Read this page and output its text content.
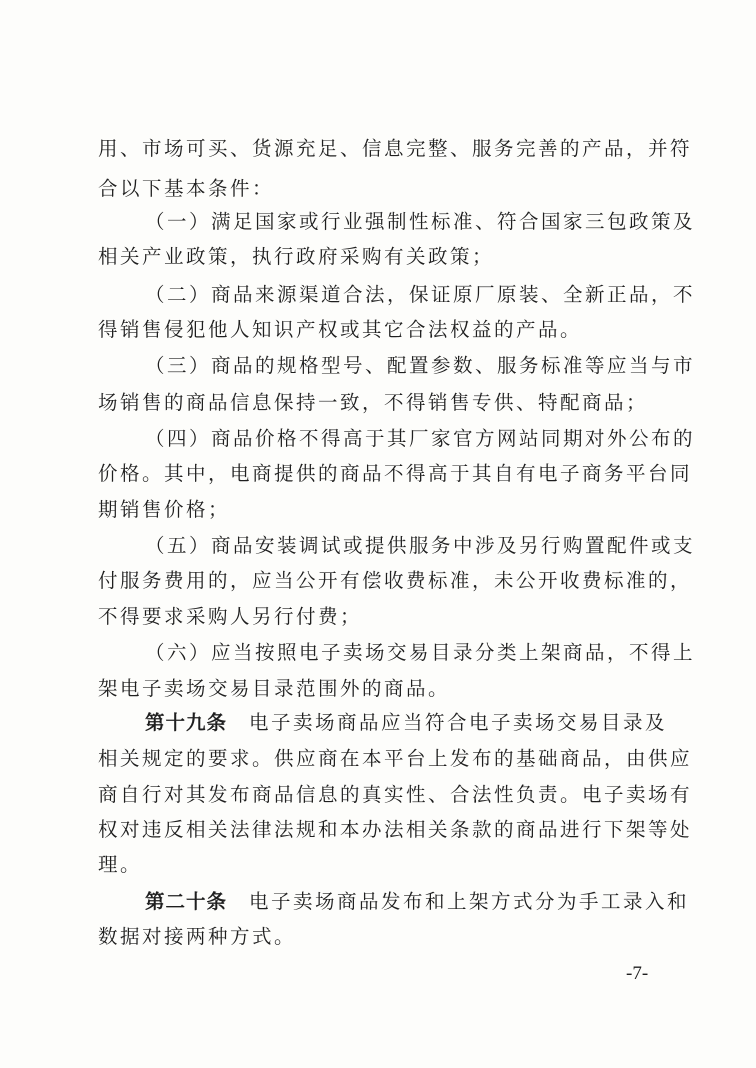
用、市场可买、货源充足、信息完整、服务完善的产品，并符
合以下基本条件：
（一）满足国家或行业强制性标准、符合国家三包政策及
相关产业政策，执行政府采购有关政策；
（二）商品来源渠道合法，保证原厂原装、全新正品，不
得销售侵犯他人知识产权或其它合法权益的产品。
（三）商品的规格型号、配置参数、服务标准等应当与市
场销售的商品信息保持一致，不得销售专供、特配商品；
（四）商品价格不得高于其厂家官方网站同期对外公布的
价格。其中，电商提供的商品不得高于其自有电子商务平台同
期销售价格；
（五）商品安装调试或提供服务中涉及另行购置配件或支
付服务费用的，应当公开有偿收费标准，未公开收费标准的，
不得要求采购人另行付费；
（六）应当按照电子卖场交易目录分类上架商品，不得上
架电子卖场交易目录范围外的商品。
第十九条 电子卖场商品应当符合电子卖场交易目录及
相关规定的要求。供应商在本平台上发布的基础商品，由供应
商自行对其发布商品信息的真实性、合法性负责。电子卖场有
权对违反相关法律法规和本办法相关条款的商品进行下架等处
理。
第二十条 电子卖场商品发布和上架方式分为手工录入和
数据对接两种方式。
-7-
